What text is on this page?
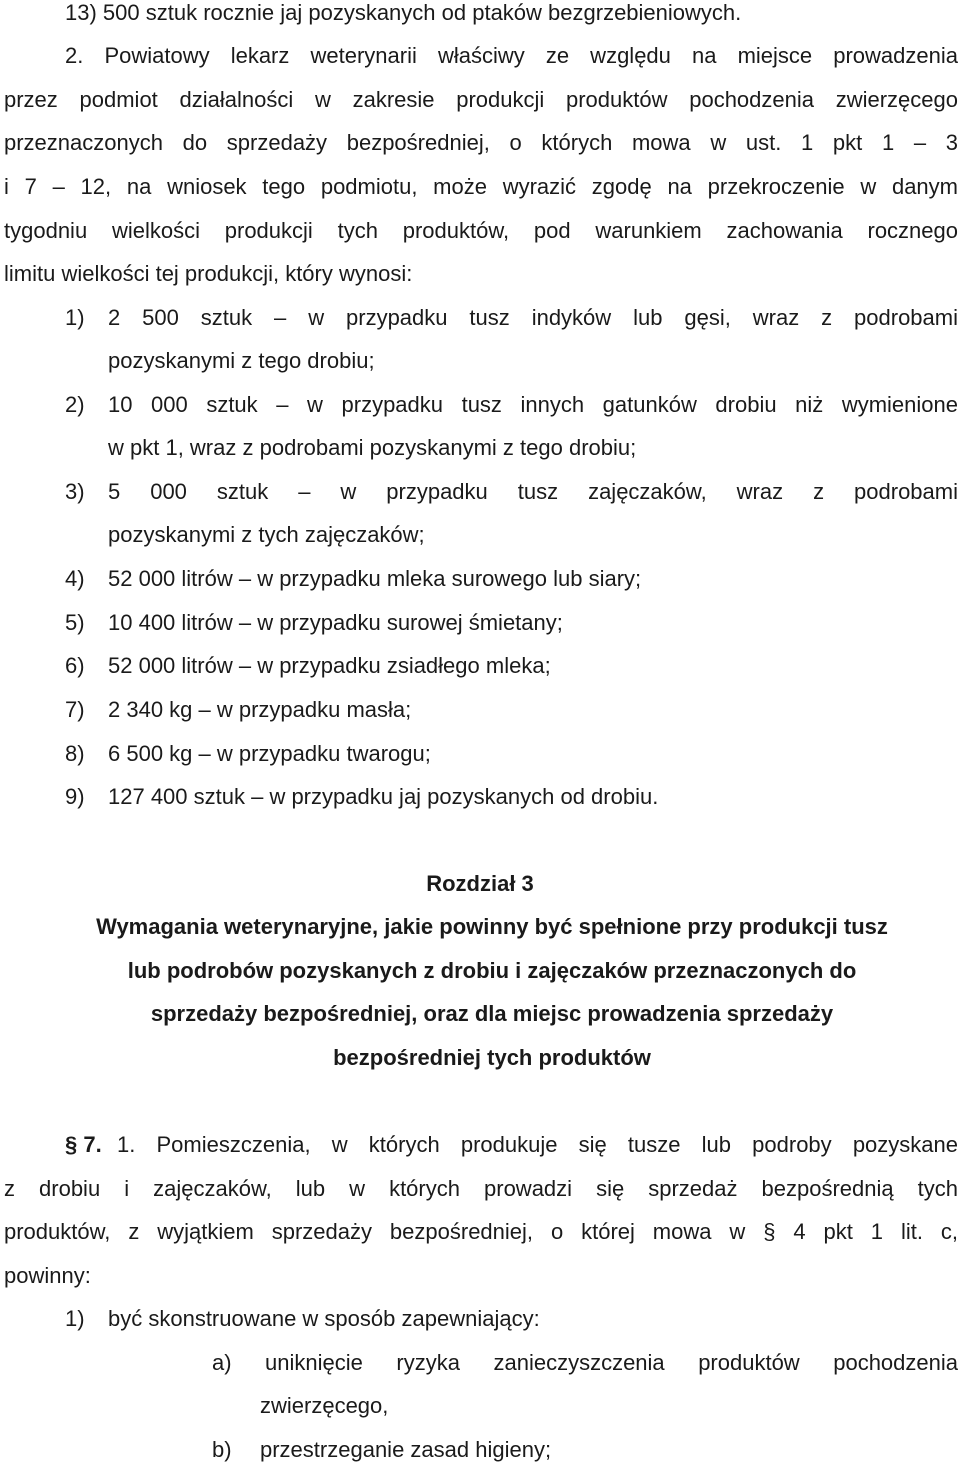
13) 500 sztuk rocznie jaj pozyskanych od ptaków bezgrzebieniowych.
2. Powiatowy lekarz weterynarii właściwy ze względu na miejsce prowadzenia
przez podmiot działalności w zakresie produkcji produktów pochodzenia zwierzęcego
przeznaczonych do sprzedaży bezpośredniej, o których mowa w ust. 1 pkt 1 – 3
i 7 – 12, na wniosek tego podmiotu, może wyrazić zgodę na przekroczenie w danym
tygodniu wielkości produkcji tych produktów, pod warunkiem zachowania rocznego
limitu wielkości tej produkcji, który wynosi:
1) 2 500 sztuk – w przypadku tusz indyków lub gęsi, wraz z podrobami
pozyskanymi z tego drobiu;
2) 10 000 sztuk – w przypadku tusz innych gatunków drobiu niż wymienione
w pkt 1, wraz z podrobami pozyskanymi z tego drobiu;
3) 5 000 sztuk – w przypadku tusz zajęczaków, wraz z podrobami
pozyskanymi z tych zajęczaków;
4) 52 000 litrów – w przypadku mleka surowego lub siary;
5) 10 400 litrów – w przypadku surowej śmietany;
6) 52 000 litrów – w przypadku zsiadłego mleka;
7) 2 340 kg – w przypadku masła;
8) 6 500 kg – w przypadku twarogu;
9) 127 400 sztuk – w przypadku jaj pozyskanych od drobiu.
Rozdział 3
Wymagania weterynaryjne, jakie powinny być spełnione przy produkcji tusz
lub podrobów pozyskanych z drobiu i zajęczaków przeznaczonych do
sprzedaży bezpośredniej, oraz dla miejsc prowadzenia sprzedaży
bezpośredniej tych produktów
§ 7. 1. Pomieszczenia, w których produkuje się tusze lub podroby pozyskane
z drobiu i zajęczaków, lub w których prowadzi się sprzedaż bezpośrednią tych
produktów, z wyjątkiem sprzedaży bezpośredniej, o której mowa w § 4 pkt 1 lit. c,
powinny:
1) być skonstruowane w sposób zapewniający:
a) uniknięcie ryzyka zanieczyszczenia produktów pochodzenia
zwierzęcego,
b) przestrzeganie zasad higieny;
